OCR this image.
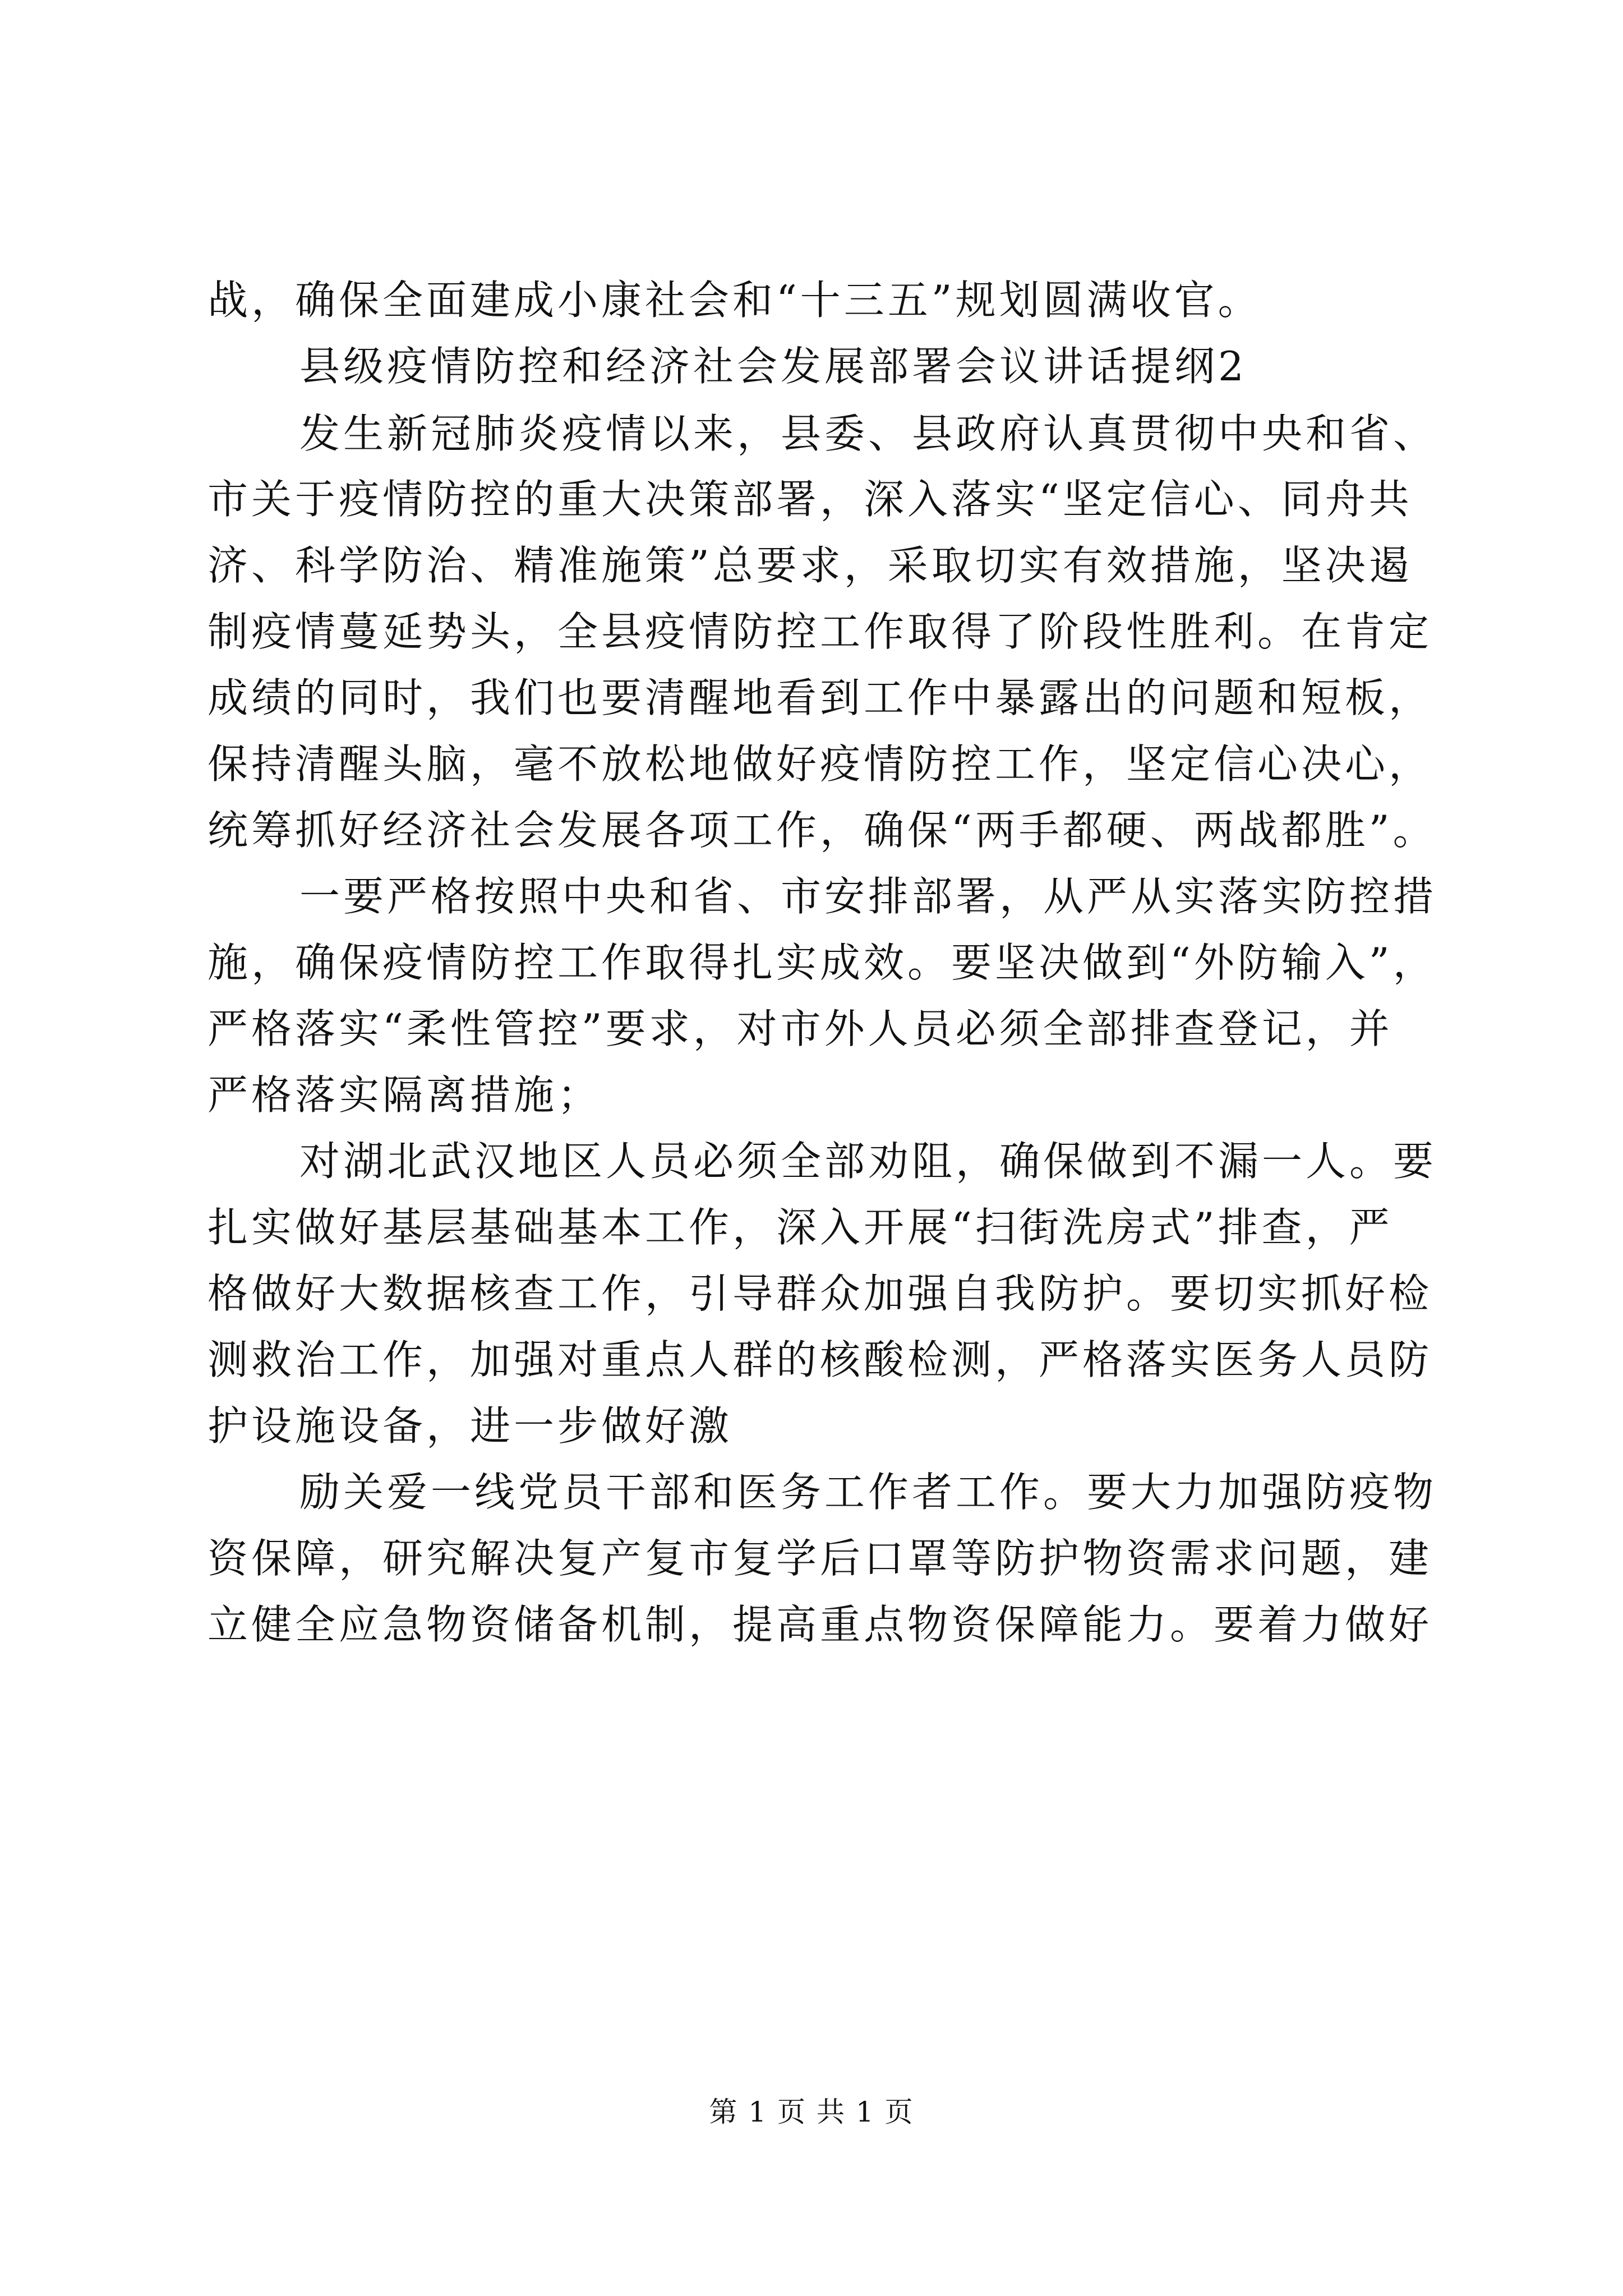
战，确保全面建成小康社会和“十三五”规划圆满收官。
县级疫情防控和经济社会发展部署会议讲话提纲2
发生新冠肺炎疫情以来，县委、县政府认真贯彻中央和省、
市关于疫情防控的重大决策部署，深入落实“坚定信心、同舟共
济、科学防治、精准施策”总要求，采取切实有效措施，坚决遏
制疫情蔓延势头，全县疫情防控工作取得了阶段性胜利。在肯定
成绩的同时，我们也要清醒地看到工作中暴露出的问题和短板，
保持清醒头脑，毫不放松地做好疫情防控工作，坚定信心决心，
统筹抓好经济社会发展各项工作，确保“两手都硬、两战都胜”。
一要严格按照中央和省、市安排部署，从严从实落实防控措
施，确保疫情防控工作取得扎实成效。要坚决做到“外防输入”，
严格落实“柔性管控”要求，对市外人员必须全部排查登记，并
严格落实隔离措施；
对湖北武汉地区人员必须全部劝阻，确保做到不漏一人。要
扎实做好基层基础基本工作，深入开展“扫街洗房式”排查，严
格做好大数据核查工作，引导群众加强自我防护。要切实抓好检
测救治工作，加强对重点人群的核酸检测，严格落实医务人员防
护设施设备，进一步做好激
励关爱一线党员干部和医务工作者工作。要大力加强防疫物
资保障，研究解决复产复市复学后口罩等防护物资需求问题，建
立健全应急物资储备机制，提高重点物资保障能力。要着力做好
第 1 页 共 1 页
